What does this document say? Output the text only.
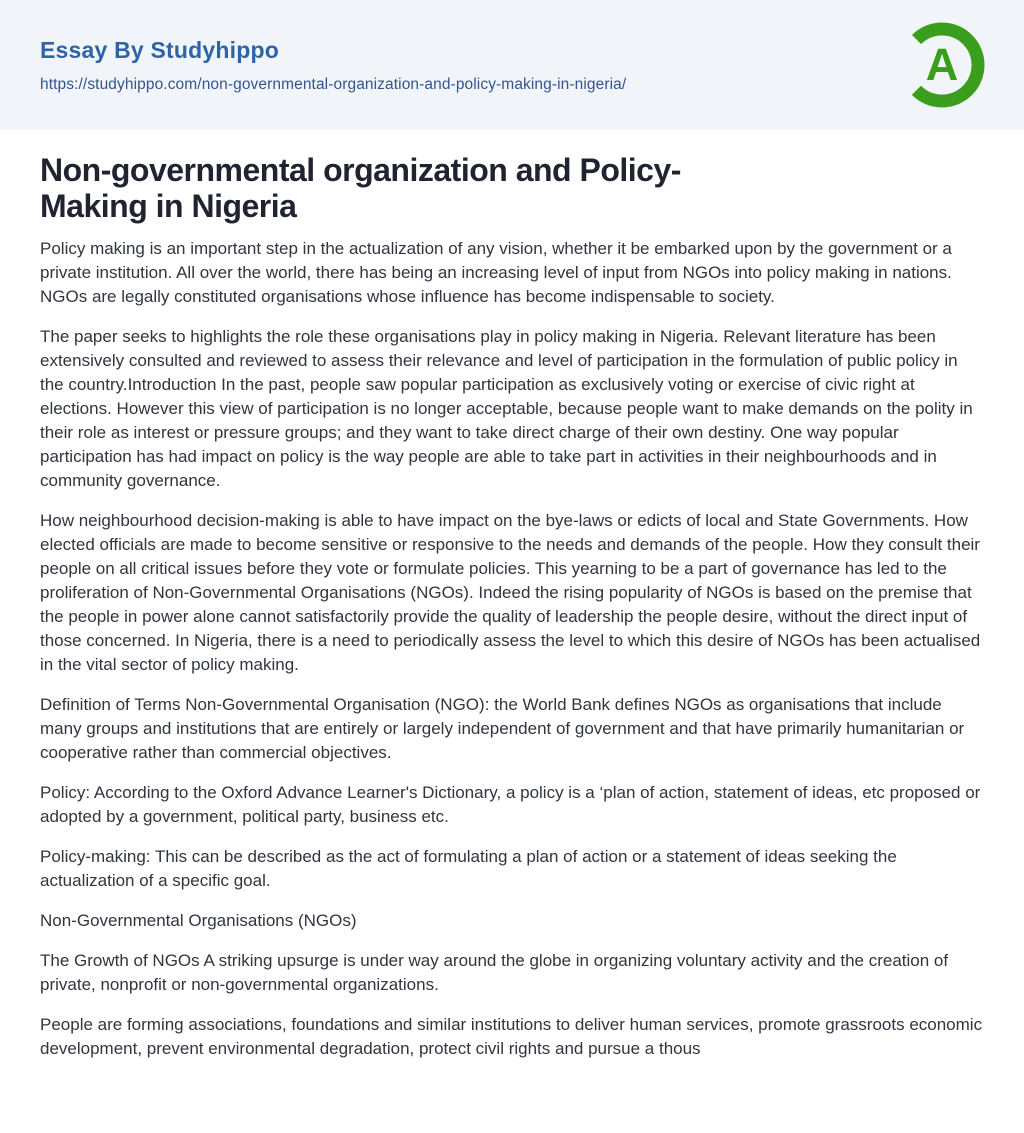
Essay By Studyhippo
https://studyhippo.com/non-governmental-organization-and-policy-making-in-nigeria/	A
Non-governmental organization and Policy-Making in Nigeria

Policy making is an important step in the actualization of any vision, whether it be embarked upon by the government or a private institution. All over the world, there has being an increasing level of input from NGOs into policy making in nations. NGOs are legally constituted organisations whose influence has become indispensable to society.

The paper seeks to highlights the role these organisations play in policy making in Nigeria. Relevant literature has been extensively consulted and reviewed to assess their relevance and level of participation in the formulation of public policy in the country.Introduction In the past, people saw popular participation as exclusively voting or exercise of civic right at elections. However this view of participation is no longer acceptable, because people want to make demands on the polity in their role as interest or pressure groups; and they want to take direct charge of their own destiny. One way popular participation has had impact on policy is the way people are able to take part in activities in their neighbourhoods and in community governance.

How neighbourhood decision-making is able to have impact on the bye-laws or edicts of local and State Governments. How elected officials are made to become sensitive or responsive to the needs and demands of the people. How they consult their people on all critical issues before they vote or formulate policies. This yearning to be a part of governance has led to the proliferation of Non-Governmental Organisations (NGOs). Indeed the rising popularity of NGOs is based on the premise that the people in power alone cannot satisfactorily provide the quality of leadership the people desire, without the direct input of those concerned. In Nigeria, there is a need to periodically assess the level to which this desire of NGOs has been actualised in the vital sector of policy making.

Definition of Terms Non-Governmental Organisation (NGO): the World Bank defines NGOs as organisations that include many groups and institutions that are entirely or largely independent of government and that have primarily humanitarian or cooperative rather than commercial objectives.

Policy: According to the Oxford Advance Learner's Dictionary, a policy is a ‘plan of action, statement of ideas, etc proposed or adopted by a government, political party, business etc.

Policy-making: This can be described as the act of formulating a plan of action or a statement of ideas seeking the actualization of a specific goal.

Non-Governmental Organisations (NGOs)

The Growth of NGOs A striking upsurge is under way around the globe in organizing voluntary activity and the creation of private, nonprofit or non-governmental organizations.

People are forming associations, foundations and similar institutions to deliver human services, promote grassroots economic development, prevent environmental degradation, protect civil rights and pursue a thous
